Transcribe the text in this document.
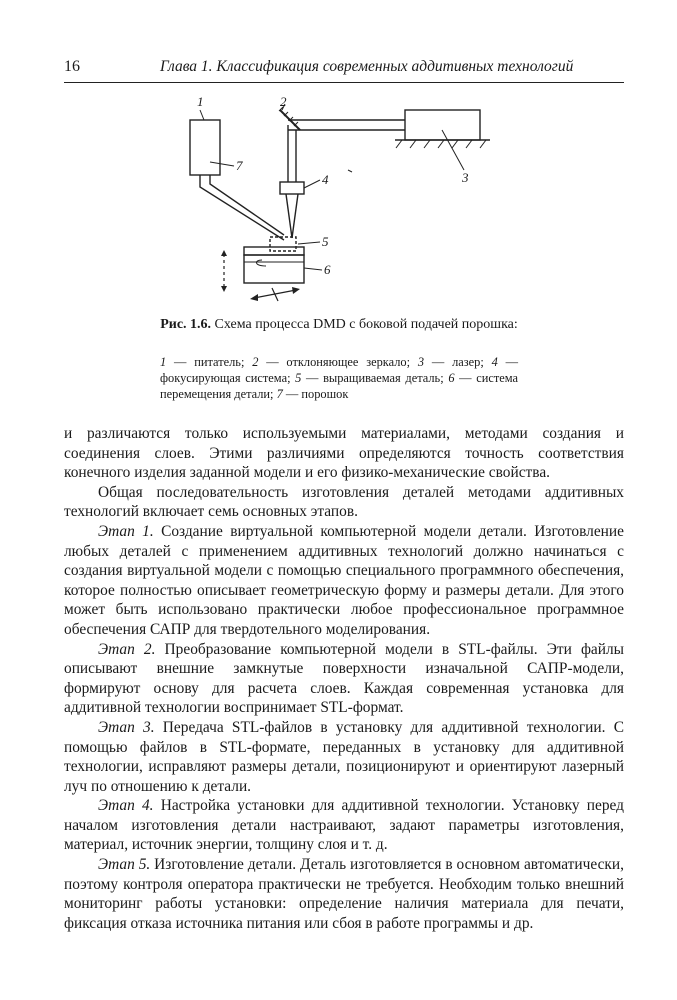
16	Глава 1. Классификация современных аддитивных технологий
1	2
3
4
5
6
7
Рис. 1.6. Схема процесса DMD с боковой подачей порошка:
1 — питатель; 2 — отклоняющее зеркало; 3 — лазер; 4 — фокусирующая система; 5 — выращиваемая деталь; 6 — система перемещения детали; 7 — порошок

и различаются только используемыми материалами, методами создания и соединения слоев. Этими различиями определяются точность соответствия конечного изделия заданной модели и его физико-механические свойства.

Общая последовательность изготовления деталей методами аддитивных технологий включает семь основных этапов.

Этап 1. Создание виртуальной компьютерной модели детали. Изготовление любых деталей с применением аддитивных технологий должно начинаться с создания виртуальной модели с помощью специального программного обеспечения, которое полностью описывает геометрическую форму и размеры детали. Для этого может быть использовано практически любое профессиональное программное обеспечения САПР для твердотельного моделирования.

Этап 2. Преобразование компьютерной модели в STL-файлы. Эти файлы описывают внешние замкнутые поверхности изначальной САПР-модели, формируют основу для расчета слоев. Каждая современная установка для аддитивной технологии воспринимает STL-формат.

Этап 3. Передача STL-файлов в установку для аддитивной технологии. С помощью файлов в STL-формате, переданных в установку для аддитивной технологии, исправляют размеры детали, позиционируют и ориентируют лазерный луч по отношению к детали.

Этап 4. Настройка установки для аддитивной технологии. Установку перед началом изготовления детали настраивают, задают параметры изготовления, материал, источник энергии, толщину слоя и т. д.

Этап 5. Изготовление детали. Деталь изготовляется в основном автоматически, поэтому контроля оператора практически не требуется. Необходим только внешний мониторинг работы установки: определение наличия материала для печати, фиксация отказа источника питания или сбоя в работе программы и др.
